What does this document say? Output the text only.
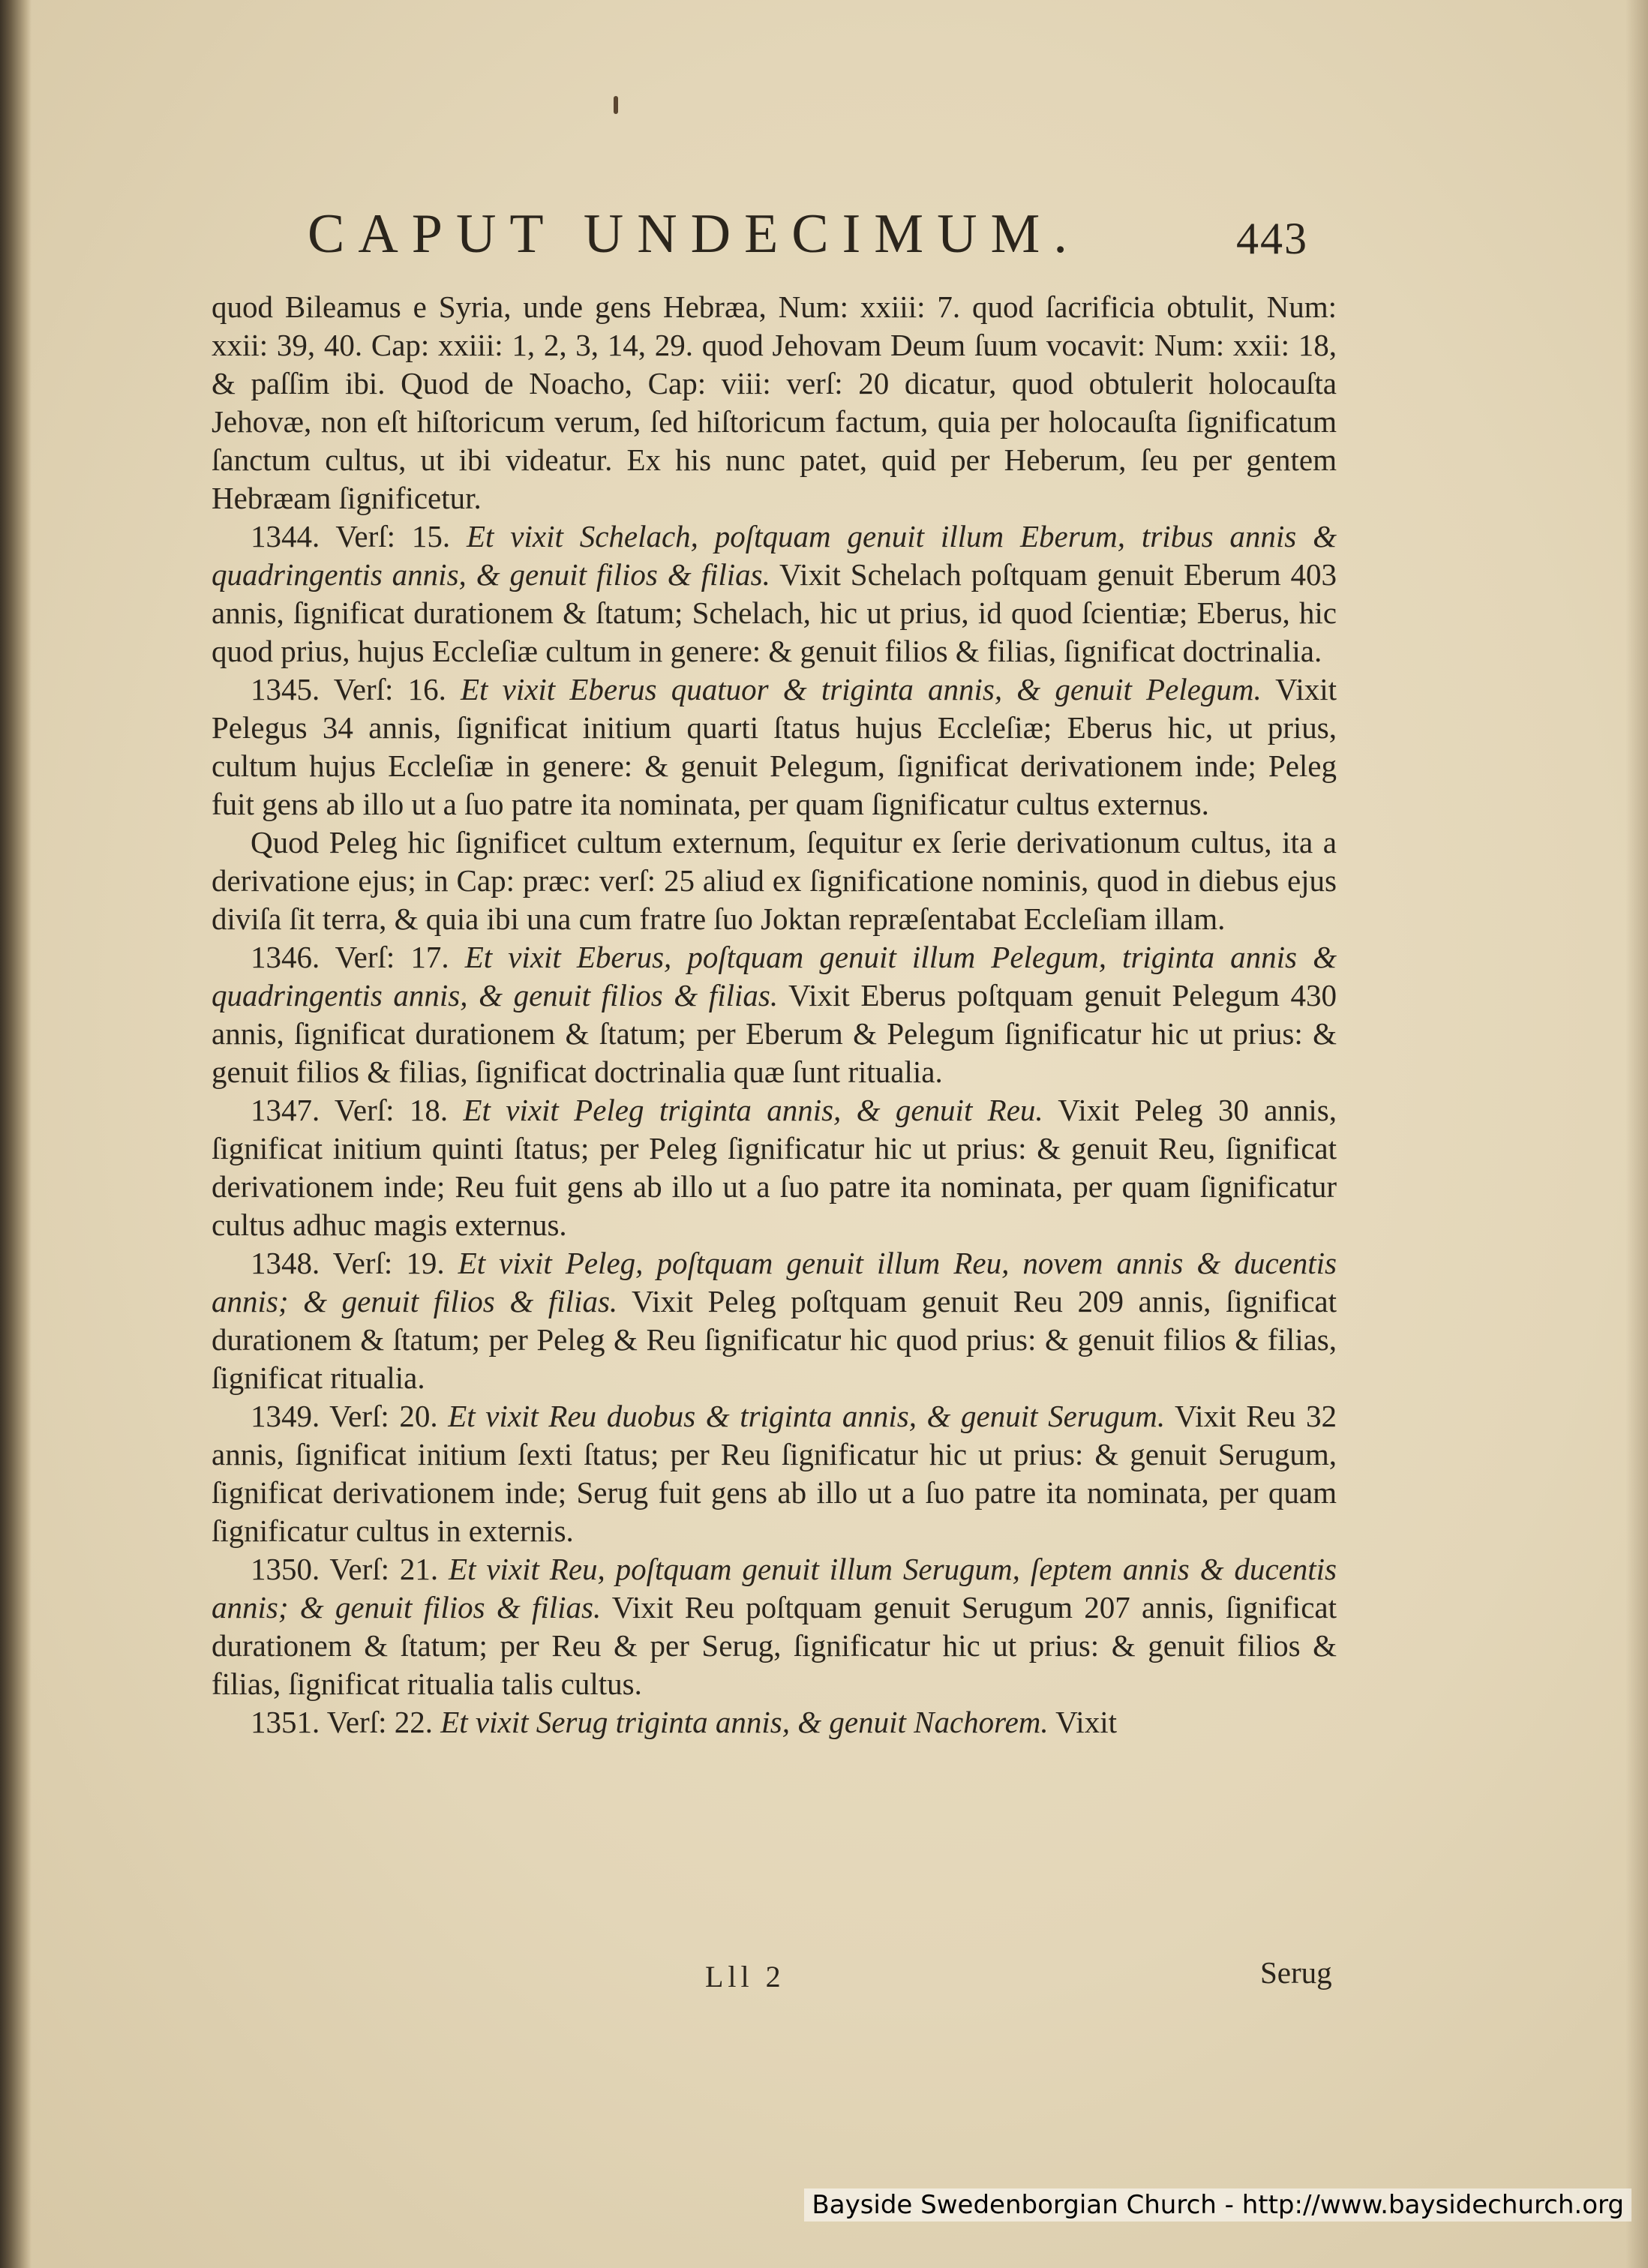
CAPUT UNDECIMUM.	443

quod Bileamus e Syria, unde gens Hebræa, Num: xxiii: 7. quod ſacrificia obtulit, Num: xxii: 39, 40. Cap: xxiii: 1, 2, 3, 14, 29. quod Jehovam Deum ſuum vocavit: Num: xxii: 18, & paſſim ibi. Quod de Noacho, Cap: viii: verſ: 20 dicatur, quod obtulerit holocauſta Jehovæ, non eſt hiſtoricum verum, ſed hiſtoricum factum, quia per holocauſta ſignificatum ſanctum cultus, ut ibi videatur. Ex his nunc patet, quid per Heberum, ſeu per gentem Hebræam ſignificetur.

1344. Verſ: 15. Et vixit Schelach, poſtquam genuit illum Eberum, tribus annis & quadringentis annis, & genuit filios & filias. Vixit Schelach poſtquam genuit Eberum 403 annis, ſignificat durationem & ſtatum; Schelach, hic ut prius, id quod ſcientiæ; Eberus, hic quod prius, hujus Eccleſiæ cultum in genere: & genuit filios & filias, ſignificat doctrinalia.

1345. Verſ: 16. Et vixit Eberus quatuor & triginta annis, & genuit Pelegum. Vixit Pelegus 34 annis, ſignificat initium quarti ſtatus hujus Eccleſiæ; Eberus hic, ut prius, cultum hujus Eccleſiæ in genere: & genuit Pelegum, ſignificat derivationem inde; Peleg fuit gens ab illo ut a ſuo patre ita nominata, per quam ſignificatur cultus externus.

Quod Peleg hic ſignificet cultum externum, ſequitur ex ſerie derivationum cultus, ita a derivatione ejus; in Cap: præc: verſ: 25 aliud ex ſignificatione nominis, quod in diebus ejus diviſa ſit terra, & quia ibi una cum fratre ſuo Joktan repræſentabat Eccleſiam illam.

1346. Verſ: 17. Et vixit Eberus, poſtquam genuit illum Pelegum, triginta annis & quadringentis annis, & genuit filios & filias. Vixit Eberus poſtquam genuit Pelegum 430 annis, ſignificat durationem & ſtatum; per Eberum & Pelegum ſignificatur hic ut prius: & genuit filios & filias, ſignificat doctrinalia quæ ſunt ritualia.

1347. Verſ: 18. Et vixit Peleg triginta annis, & genuit Reu. Vixit Peleg 30 annis, ſignificat initium quinti ſtatus; per Peleg ſignificatur hic ut prius: & genuit Reu, ſignificat derivationem inde; Reu fuit gens ab illo ut a ſuo patre ita nominata, per quam ſignificatur cultus adhuc magis externus.

1348. Verſ: 19. Et vixit Peleg, poſtquam genuit illum Reu, novem annis & ducentis annis; & genuit filios & filias. Vixit Peleg poſtquam genuit Reu 209 annis, ſignificat durationem & ſtatum; per Peleg & Reu ſignificatur hic quod prius: & genuit filios & filias, ſignificat ritualia.

1349. Verſ: 20. Et vixit Reu duobus & triginta annis, & genuit Serugum. Vixit Reu 32 annis, ſignificat initium ſexti ſtatus; per Reu ſignificatur hic ut prius: & genuit Serugum, ſignificat derivationem inde; Serug fuit gens ab illo ut a ſuo patre ita nominata, per quam ſignificatur cultus in externis.

1350. Verſ: 21. Et vixit Reu, poſtquam genuit illum Serugum, ſeptem annis & ducentis annis; & genuit filios & filias. Vixit Reu poſtquam genuit Serugum 207 annis, ſignificat durationem & ſtatum; per Reu & per Serug, ſignificatur hic ut prius: & genuit filios & filias, ſignificat ritualia talis cultus.

1351. Verſ: 22. Et vixit Serug triginta annis, & genuit Nachorem. Vixit

Lll 2	Serug
Bayside Swedenborgian Church - http://www.baysidechurch.org
